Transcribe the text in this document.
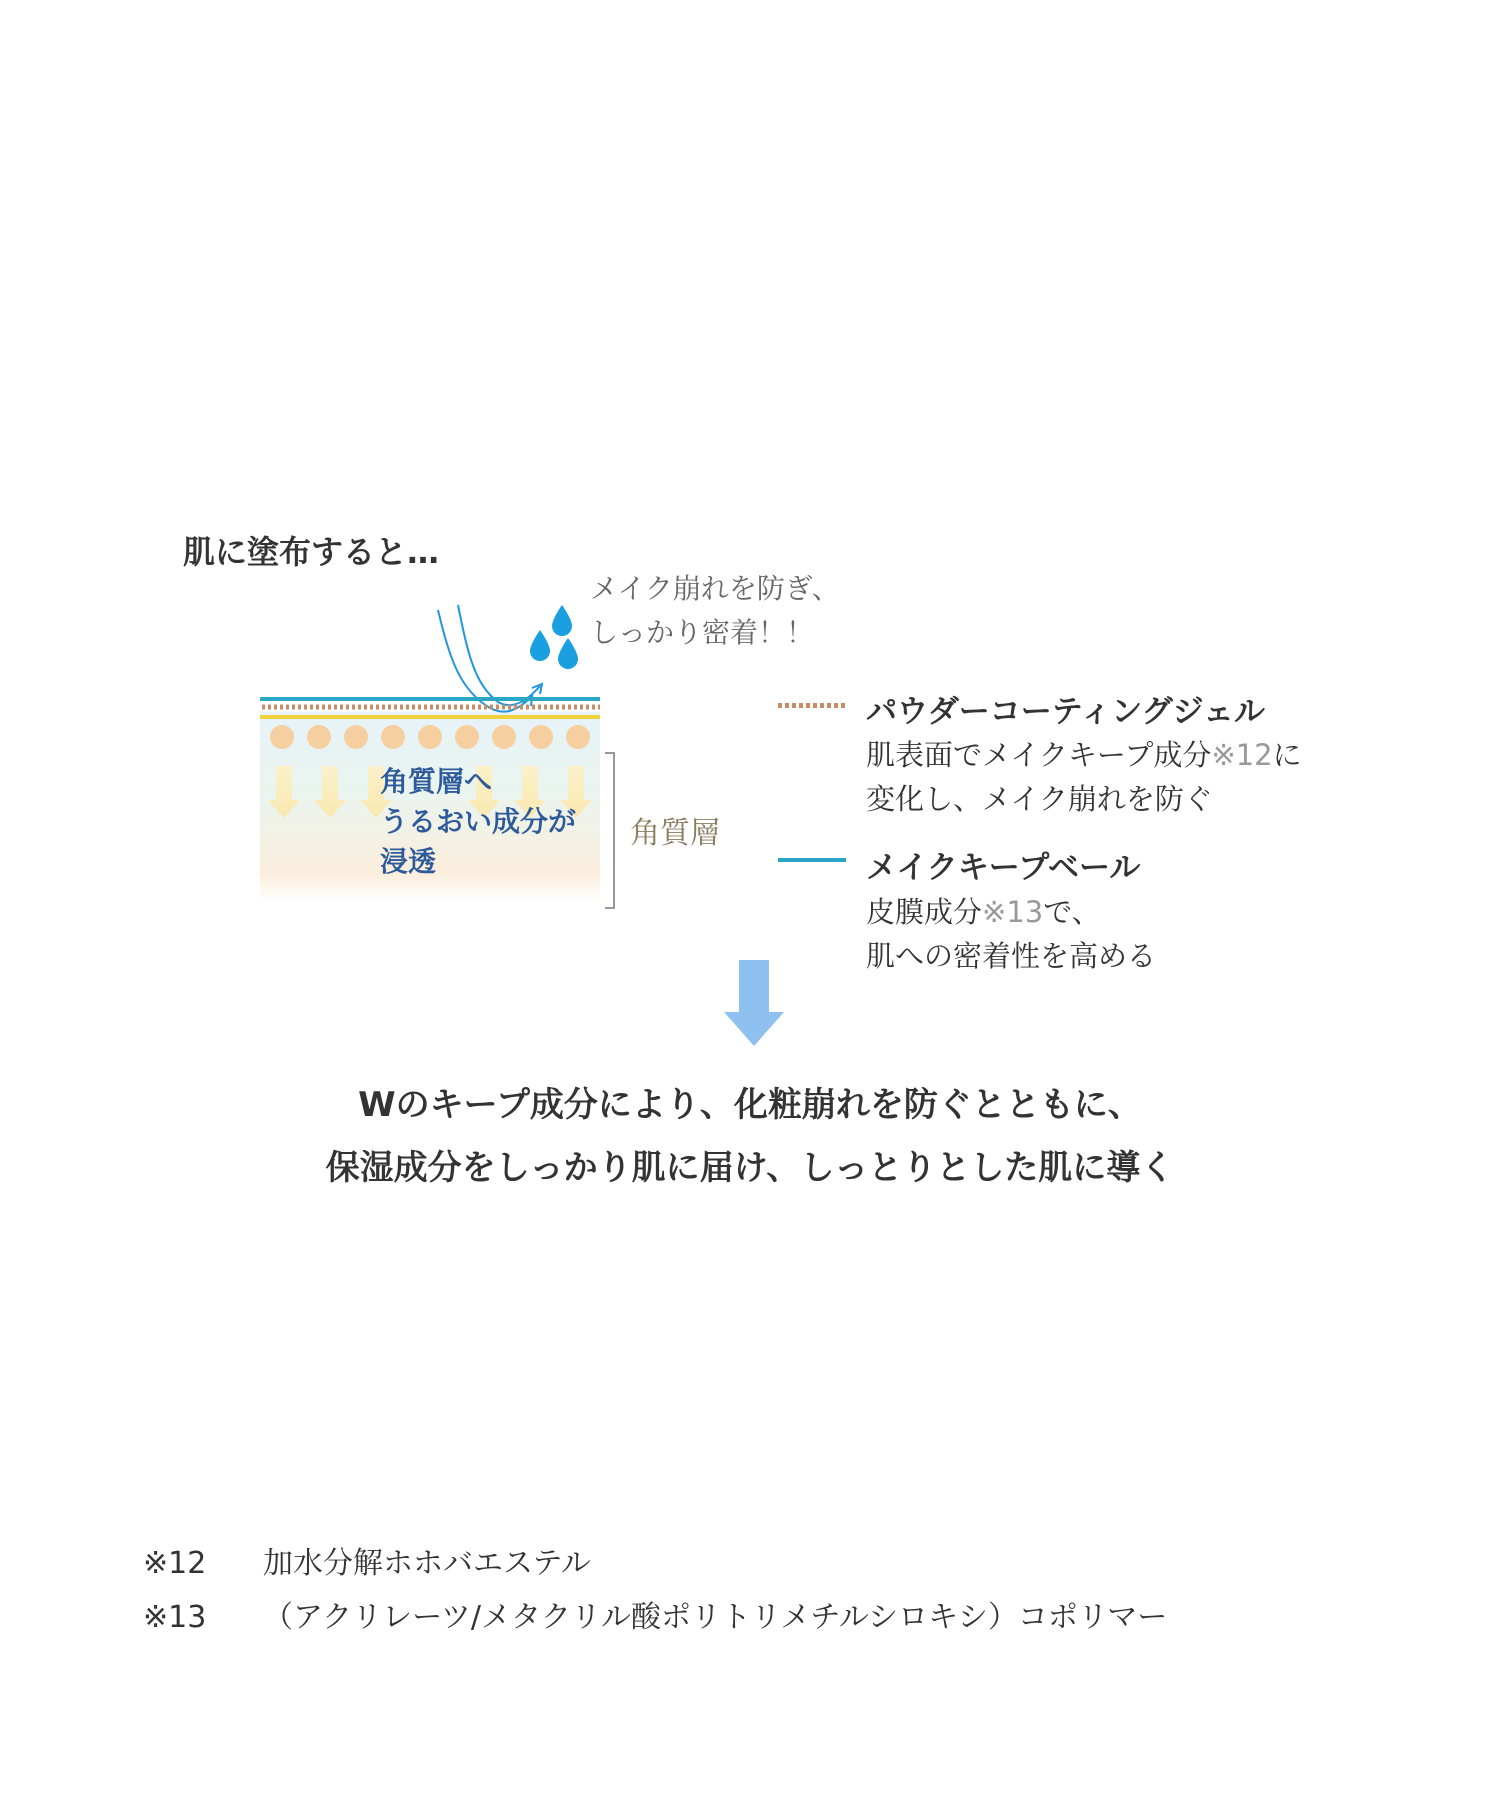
肌に塗布すると…
メイク崩れを防ぎ、
しっかり密着！！
角質層へ
うるおい成分が
浸透
角質層
パウダーコーティングジェル
肌表面でメイクキープ成分※12に
変化し、メイク崩れを防ぐ
メイクキープベール
皮膜成分※13で、
肌への密着性を高める
Wのキープ成分により、化粧崩れを防ぐとともに、
保湿成分をしっかり肌に届け、しっとりとした肌に導く
※12 加水分解ホホバエステル
※13 （アクリレーツ/メタクリル酸ポリトリメチルシロキシ）コポリマー
